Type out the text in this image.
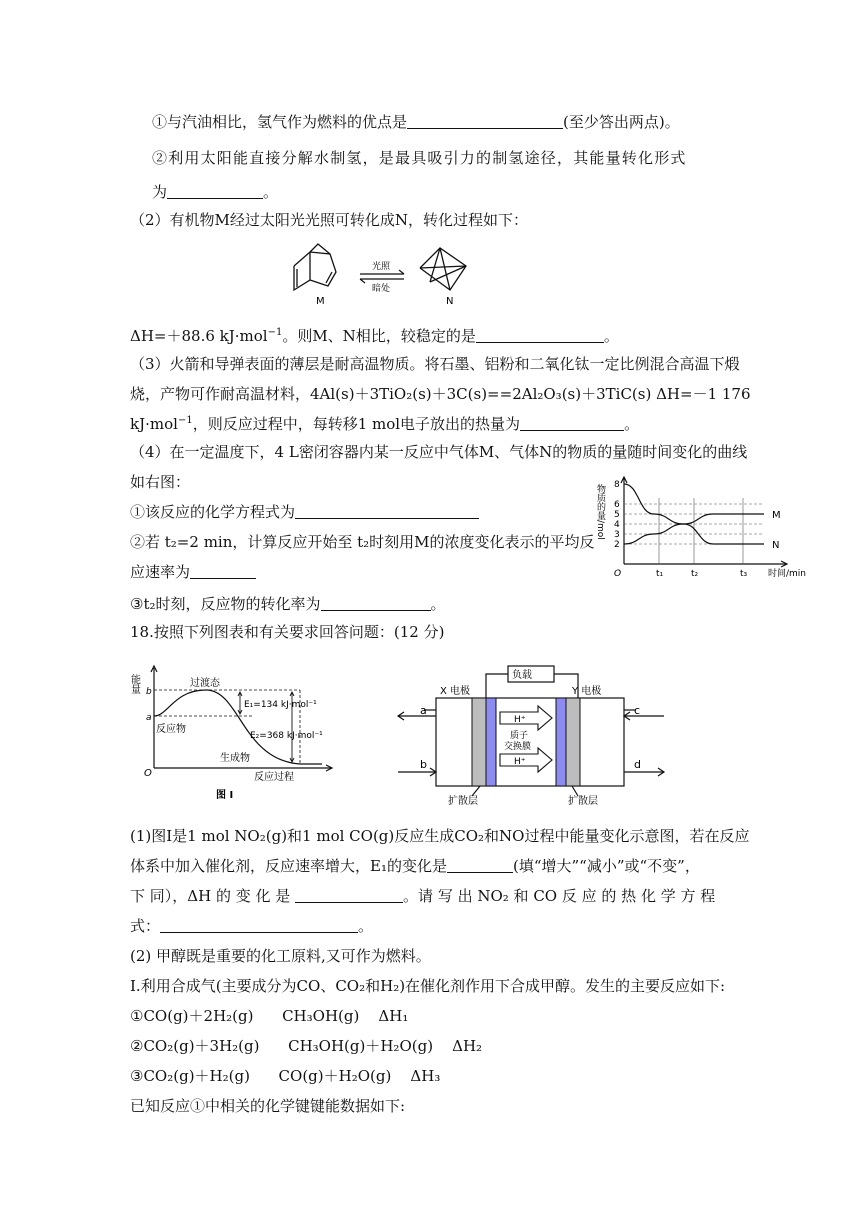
①与汽油相比，氢气作为燃料的优点是	(至少答出两点)。
②利用太阳能直接分解水制氢，是最具吸引力的制氢途径，其能量转化形式
为	。
（2）有机物M经过太阳光光照可转化成N，转化过程如下：
M
光照
暗处
N
ΔH=＋88.6 kJ·mol$^{-1}$。则M、N相比，较稳定的是	。
（3）火箭和导弹表面的薄层是耐高温物质。将石墨、铝粉和二氧化钛一定比例混合高温下煅
烧，产物可作耐高温材料，4Al(s)＋3TiO₂(s)＋3C(s)==2Al₂O₃(s)＋3TiC(s) ΔH=－1 176
kJ·mol$^{-1}$，则反应过程中，每转移1 mol电子放出的热量为	。
（4）在一定温度下，4 L密闭容器内某一反应中气体M、气体N的物质的量随时间变化的曲线
如右图：
①该反应的化学方程式为
②若 t₂=2 min，计算反应开始至 t₂时刻用M的浓度变化表示的平均反
应速率为
③t₂时刻，反应物的转化率为	。
物质的量/mol
2
3
4
5
6
8
O	t₁	t₂	t₃ 时间/min
M
N
18.按照下列图表和有关要求回答问题：(12 分)
能量 b
a
O
过渡态
反应物
E₁=134 kJ·mol⁻¹
E₂=368 kJ·mol⁻¹
生成物
反应过程
图 I
负载
X 电极	Y 电极
H⁺
H⁺
质子
交换膜
a
b
c
d
扩散层	扩散层
(1)图Ⅰ是1 mol NO₂(g)和1 mol CO(g)反应生成CO₂和NO过程中能量变化示意图，若在反应
体系中加入催化剂，反应速率增大，E₁的变化是	(填“增大”“减小”或“不变”，
下 同），ΔH 的 变 化 是	。请 写 出 NO₂ 和 CO 反 应 的 热 化 学 方 程
式：	。
(2) 甲醇既是重要的化工原料,又可作为燃料。
Ⅰ.利用合成气(主要成分为CO、CO₂和H₂)在催化剂作用下合成甲醇。发生的主要反应如下:
①CO(g)＋2H₂(g)      CH₃OH(g)    ΔH₁
②CO₂(g)＋3H₂(g)      CH₃OH(g)＋H₂O(g)    ΔH₂
③CO₂(g)＋H₂(g)      CO(g)＋H₂O(g)    ΔH₃
已知反应①中相关的化学键键能数据如下:
